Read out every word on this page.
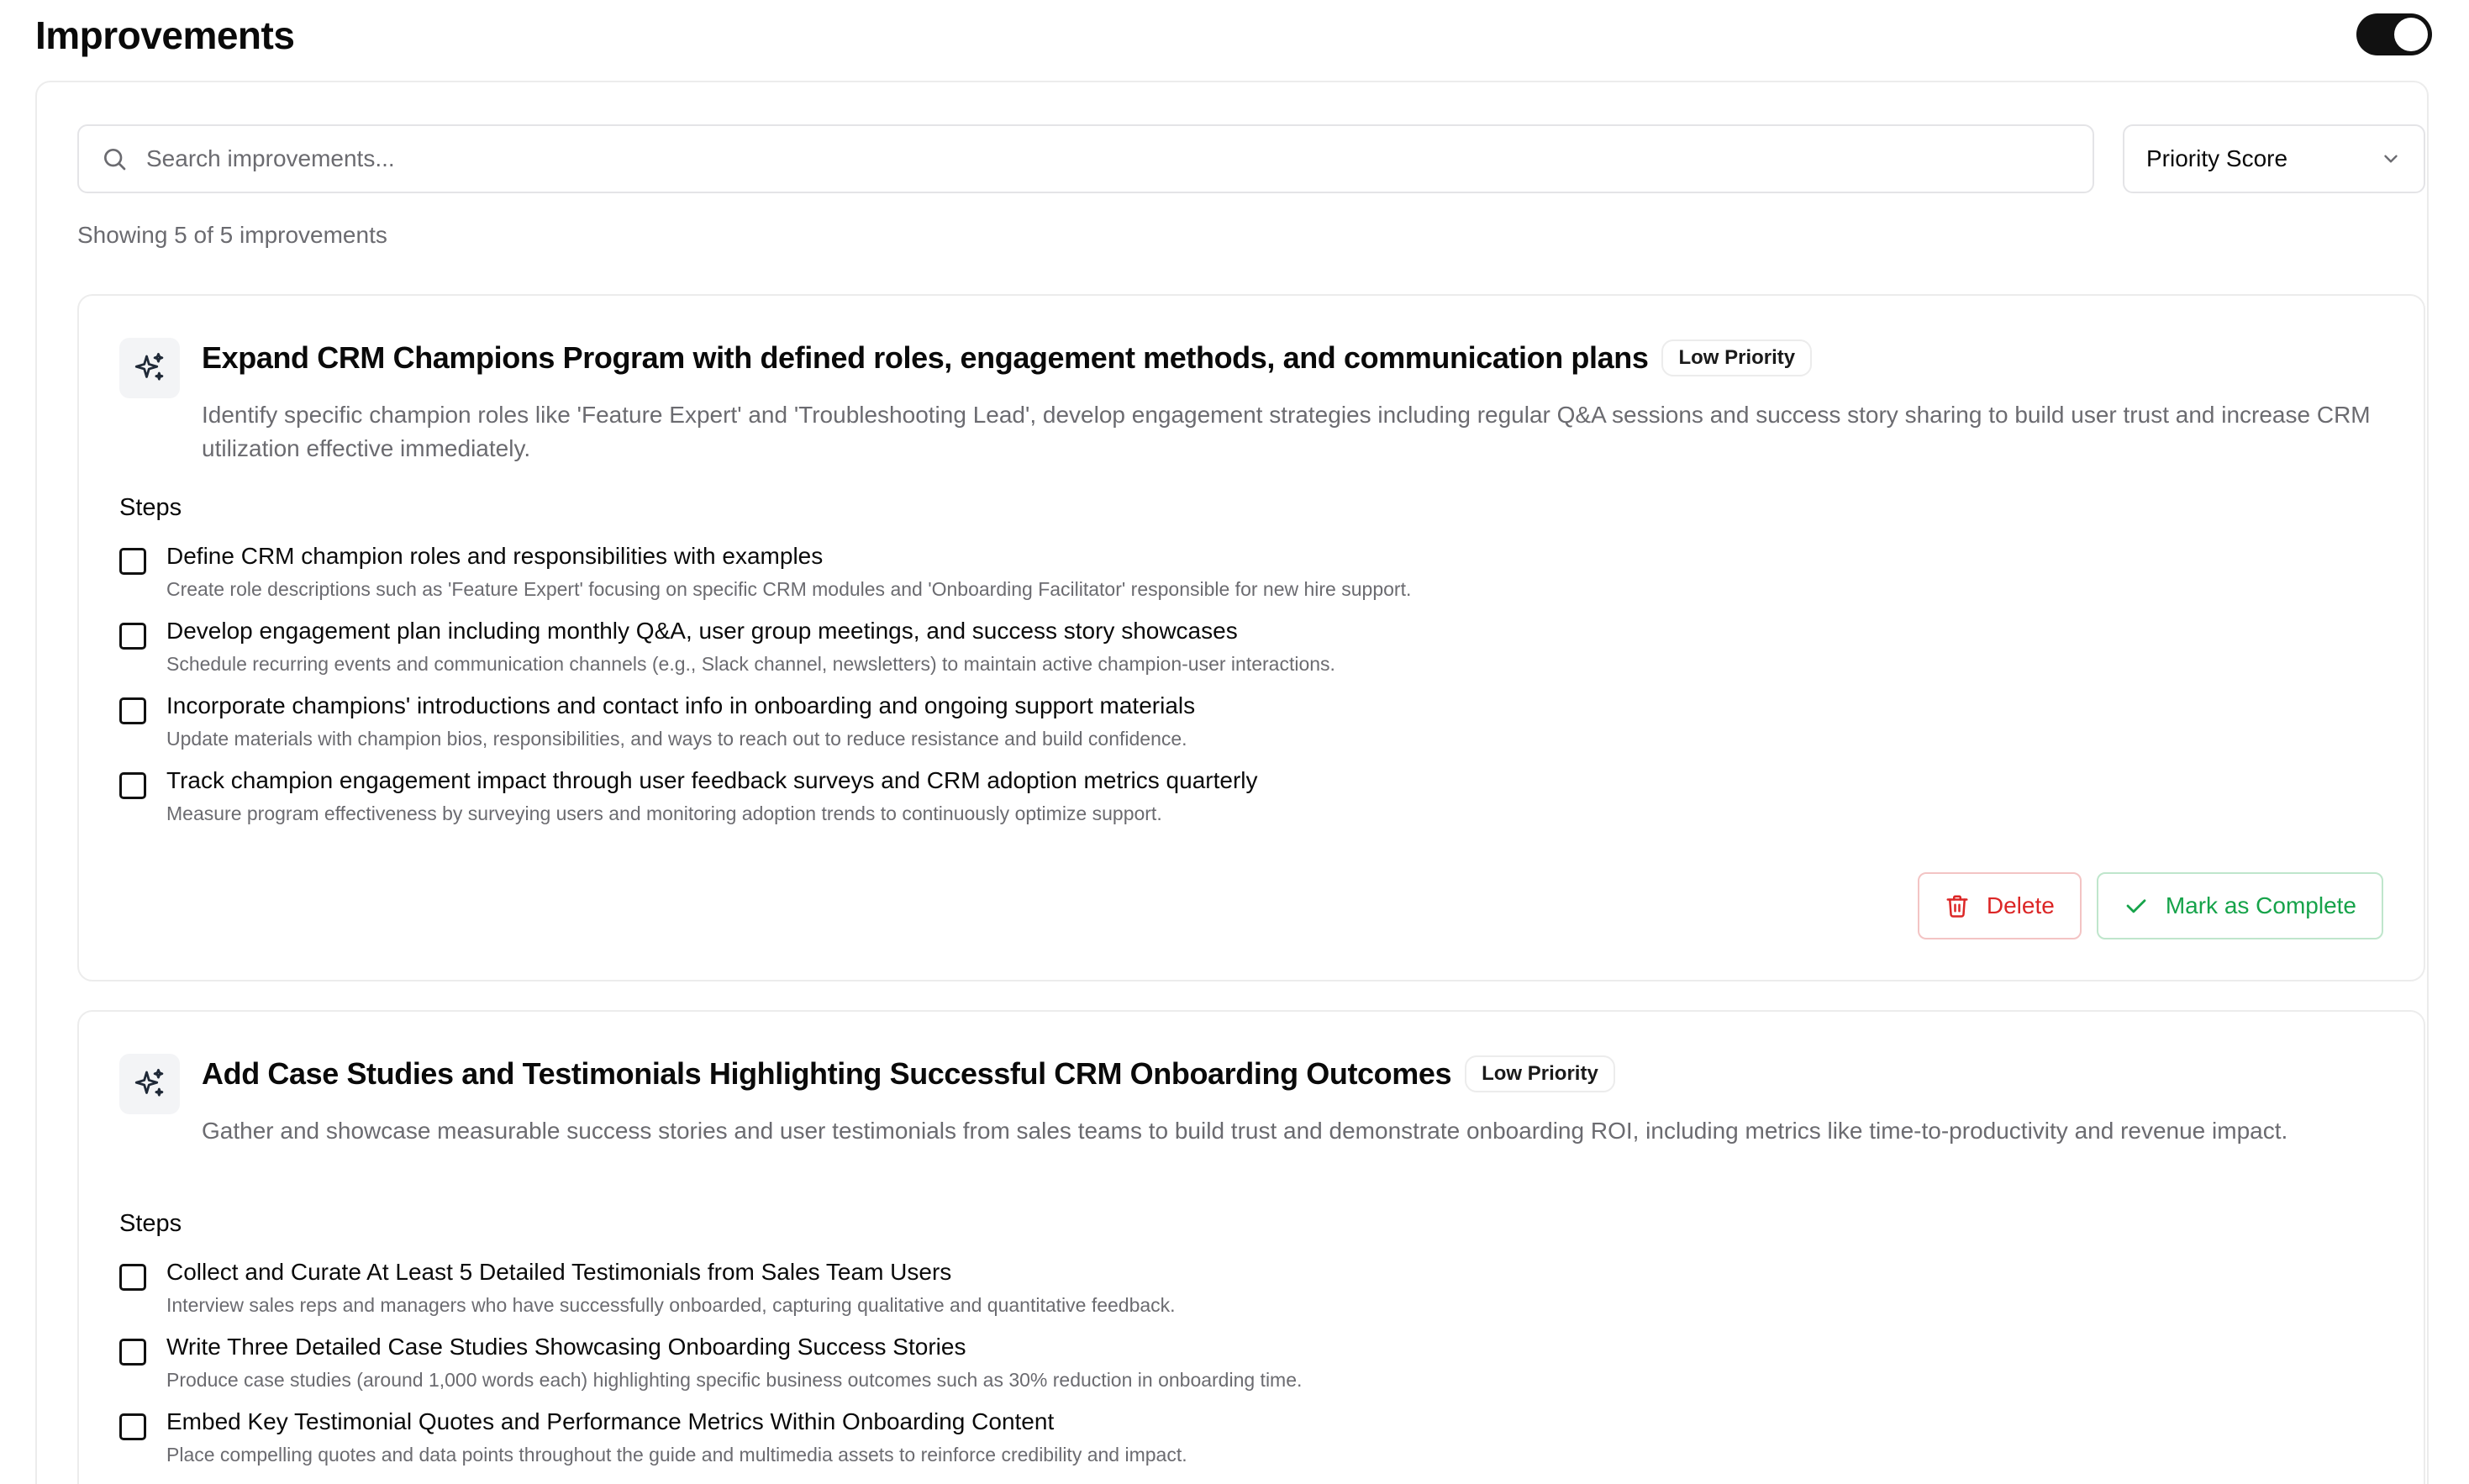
Improvements
Search improvements...
Priority Score
Showing 5 of 5 improvements
Expand CRM Champions Program with defined roles, engagement methods, and communication plans	Low Priority

Identify specific champion roles like 'Feature Expert' and 'Troubleshooting Lead', develop engagement strategies including regular Q&A sessions and success story sharing to build user trust and increase CRM utilization effective immediately.

Steps
Define CRM champion roles and responsibilities with examples
Create role descriptions such as 'Feature Expert' focusing on specific CRM modules and 'Onboarding Facilitator' responsible for new hire support.
Develop engagement plan including monthly Q&A, user group meetings, and success story showcases
Schedule recurring events and communication channels (e.g., Slack channel, newsletters) to maintain active champion-user interactions.
Incorporate champions' introductions and contact info in onboarding and ongoing support materials
Update materials with champion bios, responsibilities, and ways to reach out to reduce resistance and build confidence.
Track champion engagement impact through user feedback surveys and CRM adoption metrics quarterly
Measure program effectiveness by surveying users and monitoring adoption trends to continuously optimize support.
Delete	Mark as Complete
Add Case Studies and Testimonials Highlighting Successful CRM Onboarding Outcomes	Low Priority

Gather and showcase measurable success stories and user testimonials from sales teams to build trust and demonstrate onboarding ROI, including metrics like time-to-productivity and revenue impact.

Steps
Collect and Curate At Least 5 Detailed Testimonials from Sales Team Users
Interview sales reps and managers who have successfully onboarded, capturing qualitative and quantitative feedback.
Write Three Detailed Case Studies Showcasing Onboarding Success Stories
Produce case studies (around 1,000 words each) highlighting specific business outcomes such as 30% reduction in onboarding time.
Embed Key Testimonial Quotes and Performance Metrics Within Onboarding Content
Place compelling quotes and data points throughout the guide and multimedia assets to reinforce credibility and impact.
